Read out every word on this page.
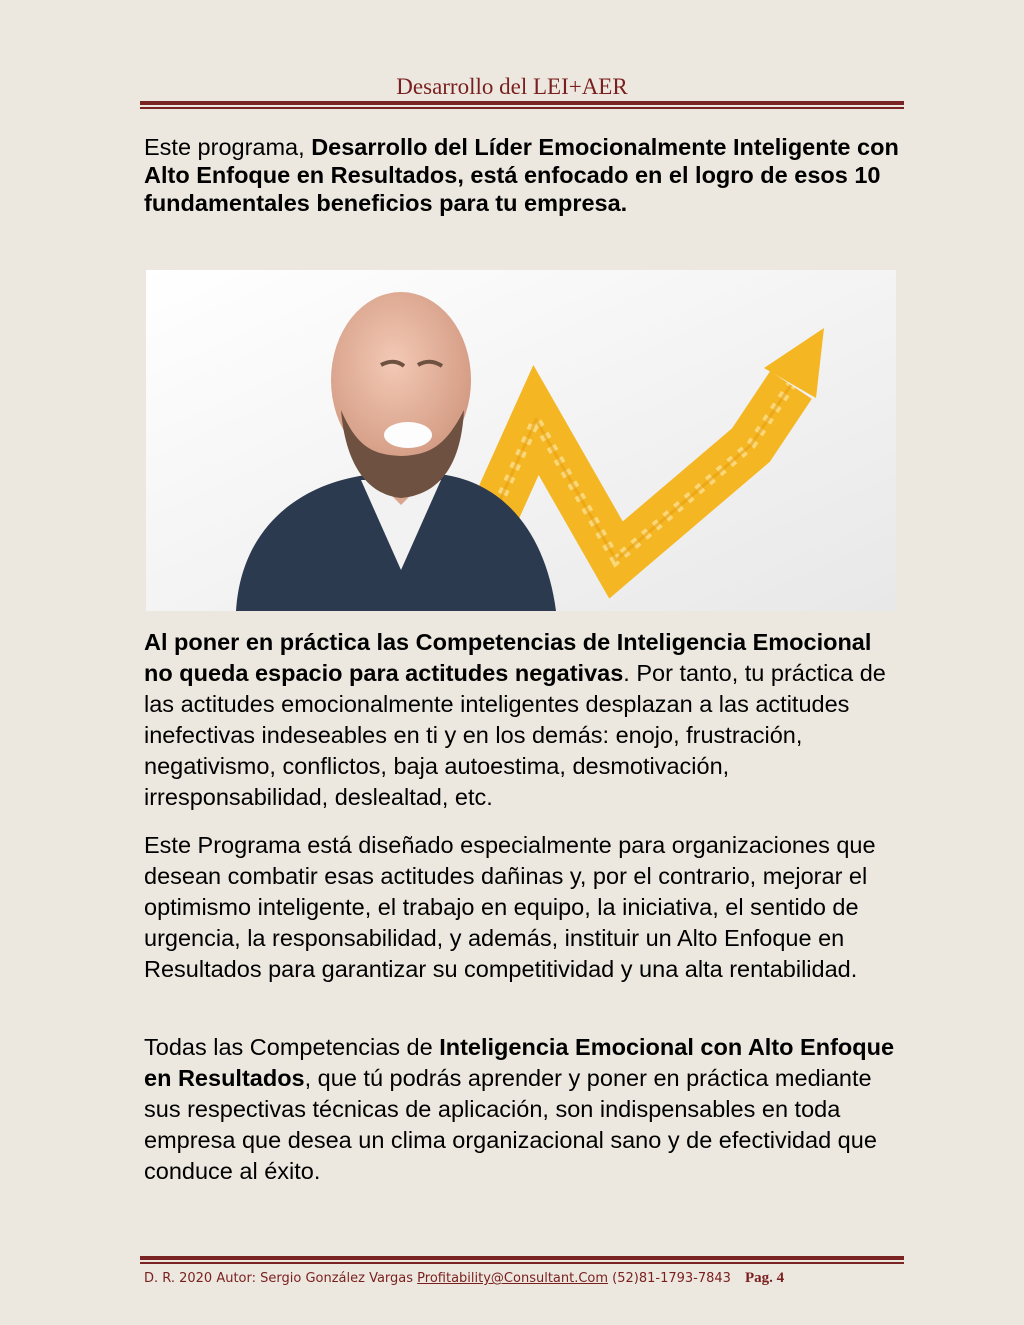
Desarrollo del LEI+AER
Este programa, Desarrollo del Líder Emocionalmente Inteligente con Alto Enfoque en Resultados, está enfocado en el logro de esos 10 fundamentales beneficios para tu empresa.
Al poner en práctica las Competencias de Inteligencia Emocional no queda espacio para actitudes negativas. Por tanto, tu práctica de las actitudes emocionalmente inteligentes desplazan a las actitudes inefectivas indeseables en ti y en los demás: enojo, frustración, negativismo, conflictos, baja autoestima, desmotivación, irresponsabilidad, deslealtad, etc.
Este Programa está diseñado especialmente para organizaciones que desean combatir esas actitudes dañinas y, por el contrario, mejorar el optimismo inteligente, el trabajo en equipo, la iniciativa, el sentido de urgencia, la responsabilidad, y además, instituir un Alto Enfoque en Resultados para garantizar su competitividad y una alta rentabilidad.
Todas las Competencias de Inteligencia Emocional con Alto Enfoque en Resultados, que tú podrás aprender y poner en práctica mediante sus respectivas técnicas de aplicación, son indispensables en toda empresa que desea un clima organizacional sano y de efectividad que conduce al éxito.
D. R. 2020 Autor: Sergio González Vargas Profitability@Consultant.Com (52)81-1793-7843 Pag. 4
